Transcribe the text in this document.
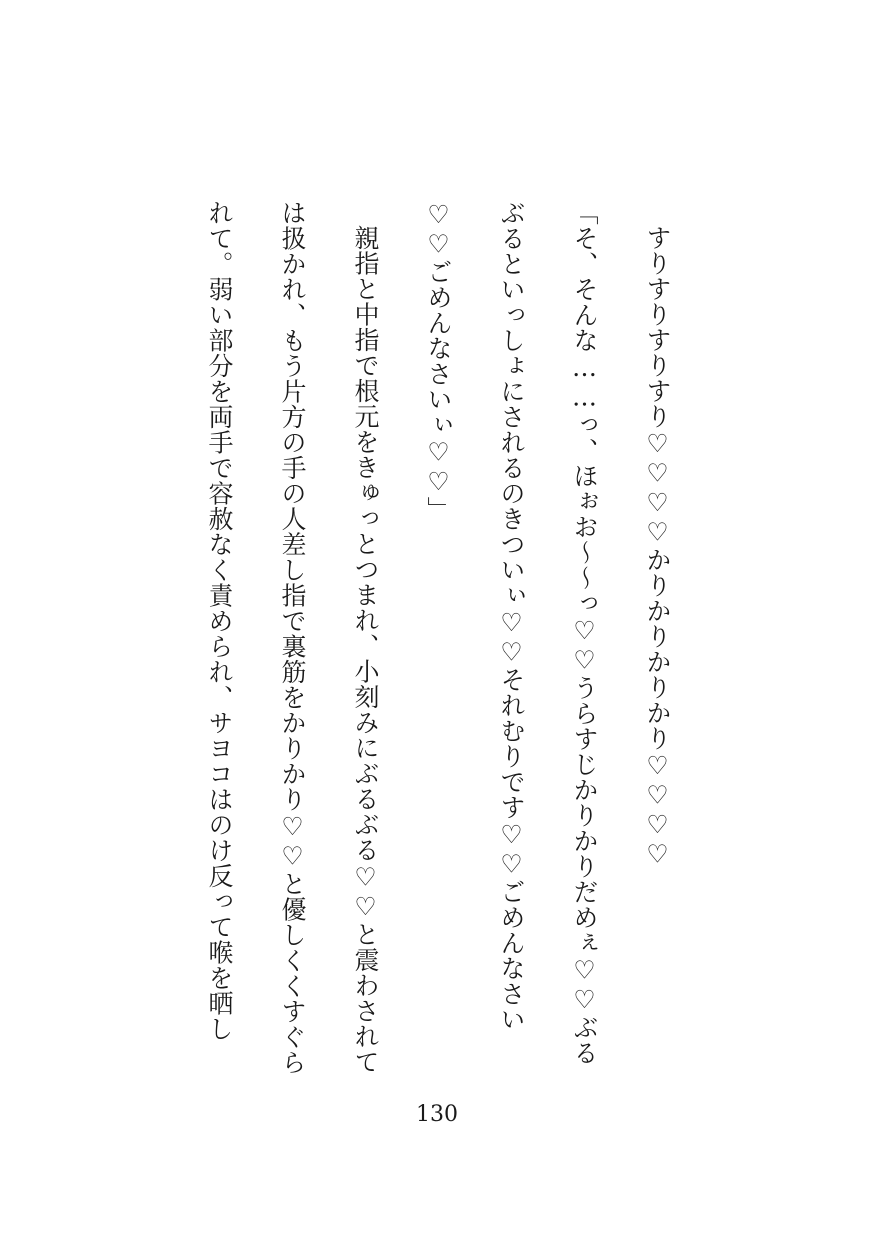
すりすりすりすり♡♡♡♡かりかりかりかり♡♡♡♡

「そ、そんな……っ、ほぉお〜〜っ♡♡うらすじかりかりだめぇ♡♡ぶるぶるといっしょにされるのきついぃ♡♡それむりです♡♡ごめんなさい♡♡ごめんなさいぃ♡♡」

親指と中指で根元をきゅっとつまれ、小刻みにぶるぶる♡♡と震わされては扱かれ、もう片方の手の人差し指で裏筋をかりかり♡♡と優しくくすぐられて。弱い部分を両手で容赦なく責められ、サヨコはのけ反って喉を晒し

130
